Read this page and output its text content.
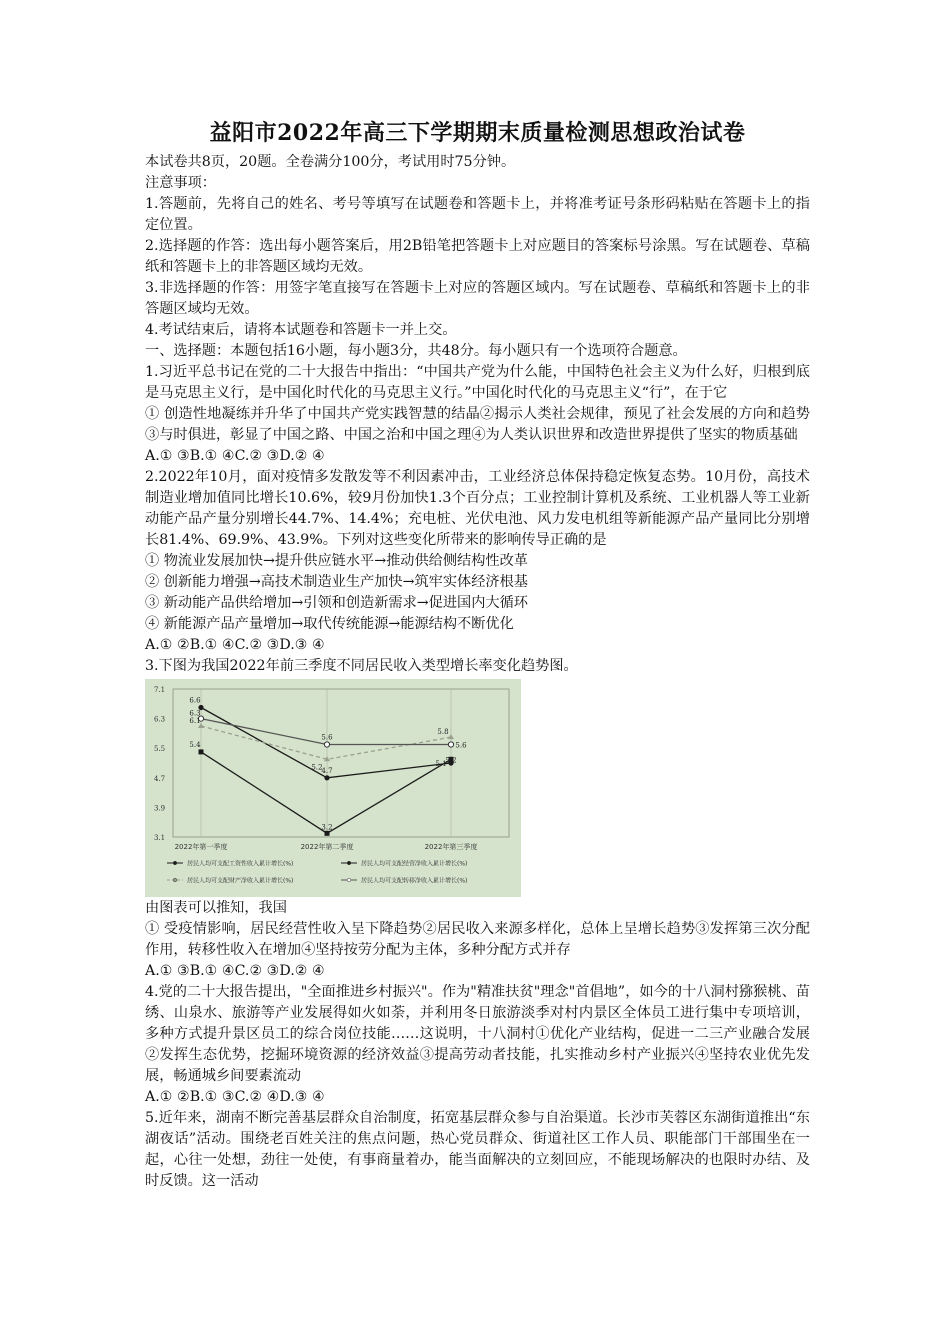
益阳市2022年高三下学期期末质量检测思想政治试卷

本试卷共8页，20题。全卷满分100分，考试用时75分钟。

注意事项：

1.答题前，先将自己的姓名、考号等填写在试题卷和答题卡上，并将准考证号条形码粘贴在答题卡上的指定位置。

2.选择题的作答：选出每小题答案后，用2B铅笔把答题卡上对应题目的答案标号涂黑。写在试题卷、草稿纸和答题卡上的非答题区域均无效。

3.非选择题的作答：用签字笔直接写在答题卡上对应的答题区域内。写在试题卷、草稿纸和答题卡上的非答题区域均无效。

4.考试结束后，请将本试题卷和答题卡一并上交。

一、选择题：本题包括16小题，每小题3分，共48分。每小题只有一个选项符合题意。

1.习近平总书记在党的二十大报告中指出：“中国共产党为什么能，中国特色社会主义为什么好，归根到底是马克思主义行，是中国化时代化的马克思主义行。”中国化时代化的马克思主义“行”，在于它

① 创造性地凝练并升华了中国共产党实践智慧的结晶②揭示人类社会规律，预见了社会发展的方向和趋势③与时俱进，彰显了中国之路、中国之治和中国之理④为人类认识世界和改造世界提供了坚实的物质基础

A.① ③B.① ④C.② ③D.② ④

2.2022年10月，面对疫情多发散发等不利因素冲击，工业经济总体保持稳定恢复态势。10月份，高技术制造业增加值同比增长10.6%，较9月份加快1.3个百分点；工业控制计算机及系统、工业机器人等工业新动能产品产量分别增长44.7%、14.4%；充电桩、光伏电池、风力发电机组等新能源产品产量同比分别增长81.4%、69.9%、43.9%。下列对这些变化所带来的影响传导正确的是

① 物流业发展加快→提升供应链水平→推动供给侧结构性改革

② 创新能力增强→高技术制造业生产加快→筑牢实体经济根基

③ 新动能产品供给增加→引领和创造新需求→促进国内大循环

④ 新能源产品产量增加→取代传统能源→能源结构不断优化

A.① ②B.① ④C.② ③D.③ ④

3.下图为我国2022年前三季度不同居民收入类型增长率变化趋势图。

7.1
6.3
5.5
4.7
3.9
3.1
2022年第一季度	2022年第二季度	2022年第三季度
6.6
4.7
5.1
5.4
3.2
5.2
6.1
5.2
5.8
6.3
5.6
5.6
居民人均可支配工资性收入累计增长(%)	居民人均可支配经营净收入累计增长(%)
居民人均可支配财产净收入累计增长(%)	居民人均可支配转移净收入累计增长(%)

由图表可以推知，我国

① 受疫情影响，居民经营性收入呈下降趋势②居民收入来源多样化，总体上呈增长趋势③发挥第三次分配作用，转移性收入在增加④坚持按劳分配为主体，多种分配方式并存

A.① ③B.① ④C.② ③D.② ④

4.党的二十大报告提出，"全面推进乡村振兴"。作为"精准扶贫"理念"首倡地”，如今的十八洞村猕猴桃、苗绣、山泉水、旅游等产业发展得如火如荼，并利用冬日旅游淡季对村内景区全体员工进行集中专项培训，多种方式提升景区员工的综合岗位技能……这说明，十八洞村①优化产业结构，促进一二三产业融合发展②发挥生态优势，挖掘环境资源的经济效益③提高劳动者技能，扎实推动乡村产业振兴④坚持农业优先发展，畅通城乡间要素流动

A.① ②B.① ③C.② ④D.③ ④

5.近年来，湖南不断完善基层群众自治制度，拓宽基层群众参与自治渠道。长沙市芙蓉区东湖街道推出“东湖夜话”活动。围绕老百姓关注的焦点问题，热心党员群众、街道社区工作人员、职能部门干部围坐在一起，心往一处想，劲往一处使，有事商量着办，能当面解决的立刻回应，不能现场解决的也限时办结、及时反馈。这一活动
